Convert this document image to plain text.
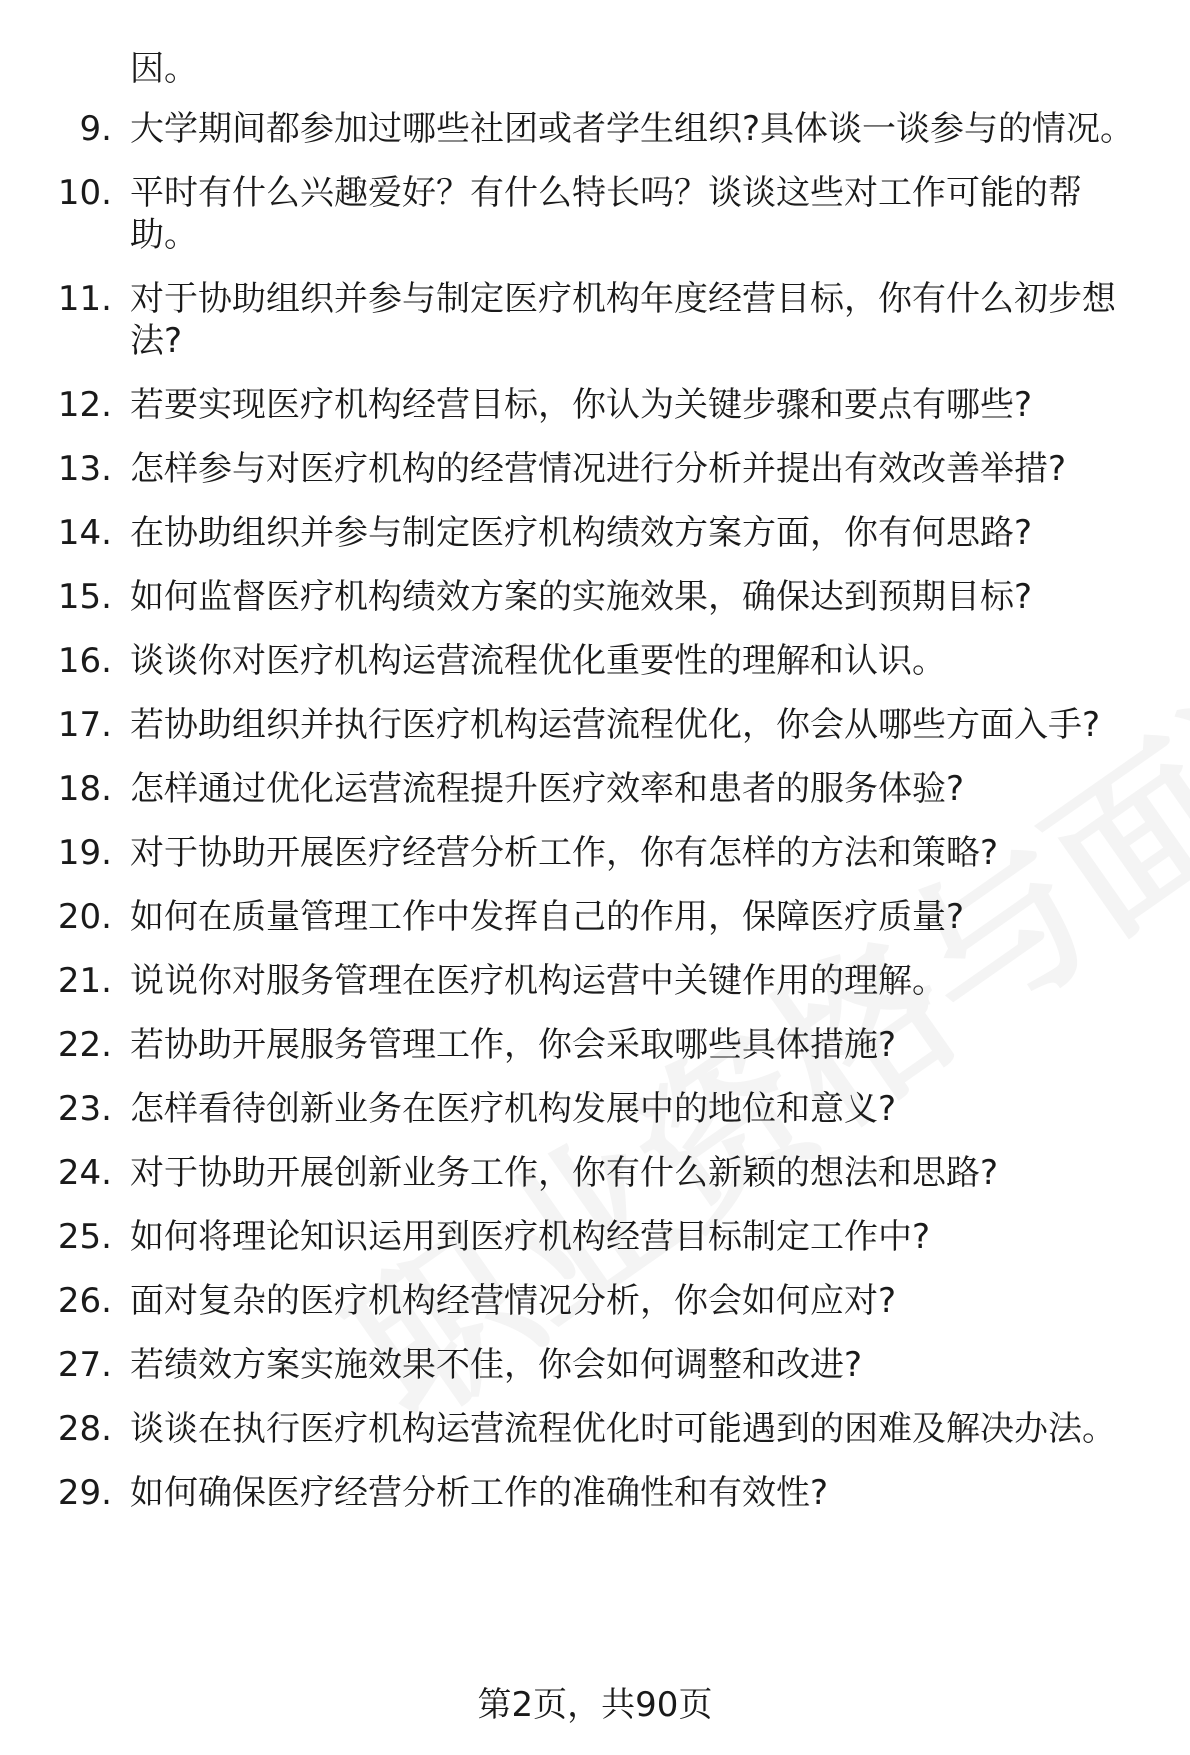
因。
9. 大学期间都参加过哪些社团或者学生组织?具体谈一谈参与的情况。
10. 平时有什么兴趣爱好？有什么特长吗？谈谈这些对工作可能的帮助。
11. 对于协助组织并参与制定医疗机构年度经营目标，你有什么初步想法?
12. 若要实现医疗机构经营目标，你认为关键步骤和要点有哪些?
13. 怎样参与对医疗机构的经营情况进行分析并提出有效改善举措?
14. 在协助组织并参与制定医疗机构绩效方案方面，你有何思路?
15. 如何监督医疗机构绩效方案的实施效果，确保达到预期目标?
16. 谈谈你对医疗机构运营流程优化重要性的理解和认识。
17. 若协助组织并执行医疗机构运营流程优化，你会从哪些方面入手?
18. 怎样通过优化运营流程提升医疗效率和患者的服务体验?
19. 对于协助开展医疗经营分析工作，你有怎样的方法和策略?
20. 如何在质量管理工作中发挥自己的作用，保障医疗质量?
21. 说说你对服务管理在医疗机构运营中关键作用的理解。
22. 若协助开展服务管理工作，你会采取哪些具体措施?
23. 怎样看待创新业务在医疗机构发展中的地位和意义?
24. 对于协助开展创新业务工作，你有什么新颖的想法和思路?
25. 如何将理论知识运用到医疗机构经营目标制定工作中?
26. 面对复杂的医疗机构经营情况分析，你会如何应对?
27. 若绩效方案实施效果不佳，你会如何调整和改进?
28. 谈谈在执行医疗机构运营流程优化时可能遇到的困难及解决办法。
29. 如何确保医疗经营分析工作的准确性和有效性?
第2页，共90页
